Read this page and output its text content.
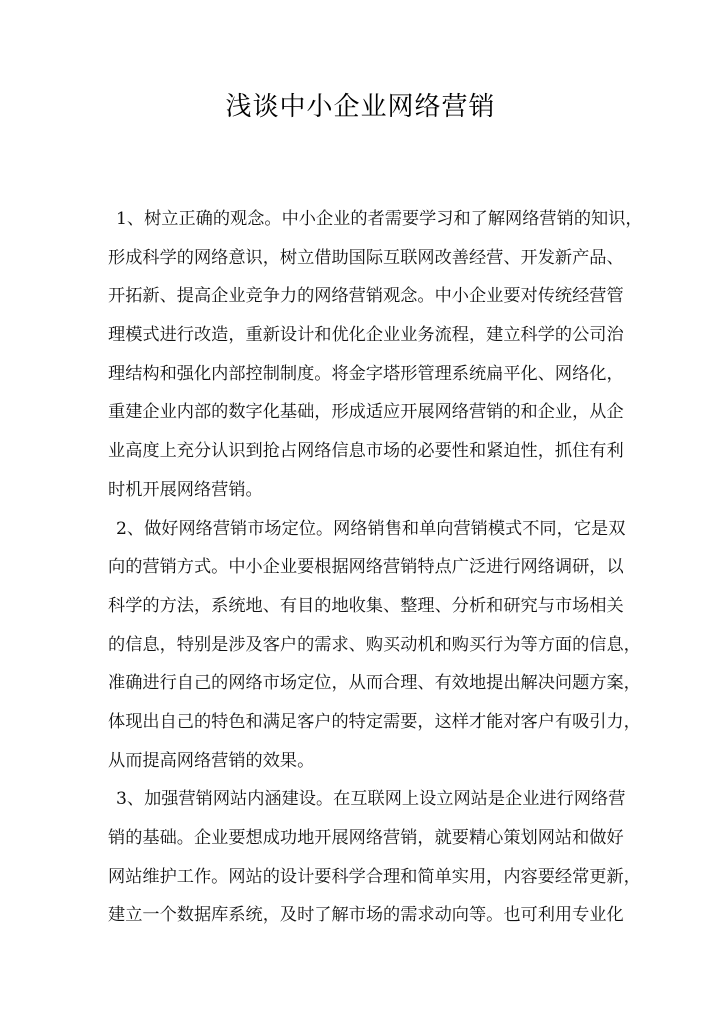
浅谈中小企业网络营销
1、树立正确的观念。中小企业的者需要学习和了解网络营销的知识，
形成科学的网络意识，树立借助国际互联网改善经营、开发新产品、
开拓新、提高企业竞争力的网络营销观念。中小企业要对传统经营管
理模式进行改造，重新设计和优化企业业务流程，建立科学的公司治
理结构和强化内部控制制度。将金字塔形管理系统扁平化、网络化，
重建企业内部的数字化基础，形成适应开展网络营销的和企业，从企
业高度上充分认识到抢占网络信息市场的必要性和紧迫性，抓住有利
时机开展网络营销。
2、做好网络营销市场定位。网络销售和单向营销模式不同，它是双
向的营销方式。中小企业要根据网络营销特点广泛进行网络调研，以
科学的方法，系统地、有目的地收集、整理、分析和研究与市场相关
的信息，特别是涉及客户的需求、购买动机和购买行为等方面的信息，
准确进行自己的网络市场定位，从而合理、有效地提出解决问题方案，
体现出自己的特色和满足客户的特定需要，这样才能对客户有吸引力，
从而提高网络营销的效果。
3、加强营销网站内涵建设。在互联网上设立网站是企业进行网络营
销的基础。企业要想成功地开展网络营销，就要精心策划网站和做好
网站维护工作。网站的设计要科学合理和简单实用，内容要经常更新，
建立一个数据库系统，及时了解市场的需求动向等。也可利用专业化
